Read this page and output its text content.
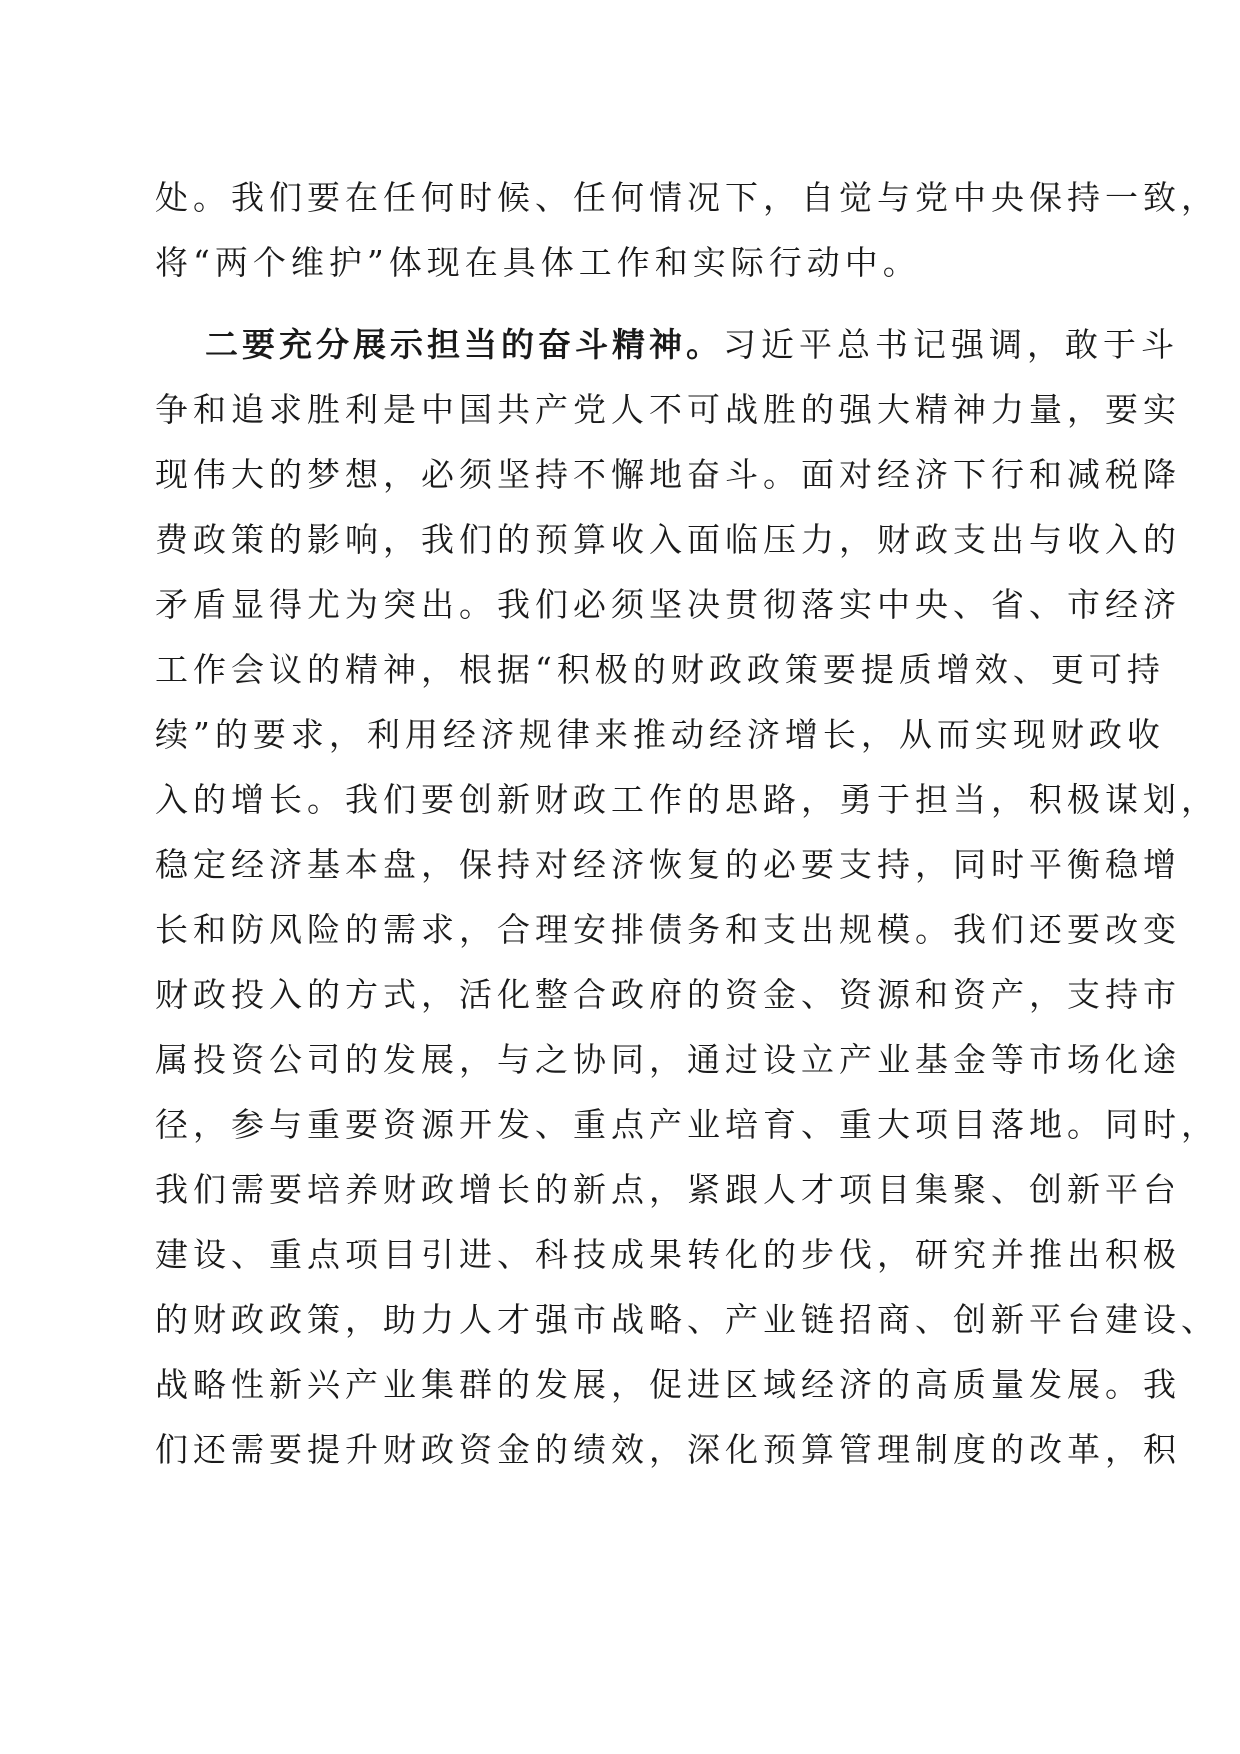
处。我们要在任何时候、任何情况下，自觉与党中央保持一致，
将“两个维护”体现在具体工作和实际行动中。
二要充分展示担当的奋斗精神。习近平总书记强调，敢于斗
争和追求胜利是中国共产党人不可战胜的强大精神力量，要实
现伟大的梦想，必须坚持不懈地奋斗。面对经济下行和减税降
费政策的影响，我们的预算收入面临压力，财政支出与收入的
矛盾显得尤为突出。我们必须坚决贯彻落实中央、省、市经济
工作会议的精神，根据“积极的财政政策要提质增效、更可持
续”的要求，利用经济规律来推动经济增长，从而实现财政收
入的增长。我们要创新财政工作的思路，勇于担当，积极谋划，
稳定经济基本盘，保持对经济恢复的必要支持，同时平衡稳增
长和防风险的需求，合理安排债务和支出规模。我们还要改变
财政投入的方式，活化整合政府的资金、资源和资产，支持市
属投资公司的发展，与之协同，通过设立产业基金等市场化途
径，参与重要资源开发、重点产业培育、重大项目落地。同时，
我们需要培养财政增长的新点，紧跟人才项目集聚、创新平台
建设、重点项目引进、科技成果转化的步伐，研究并推出积极
的财政政策，助力人才强市战略、产业链招商、创新平台建设、
战略性新兴产业集群的发展，促进区域经济的高质量发展。我
们还需要提升财政资金的绩效，深化预算管理制度的改革，积
